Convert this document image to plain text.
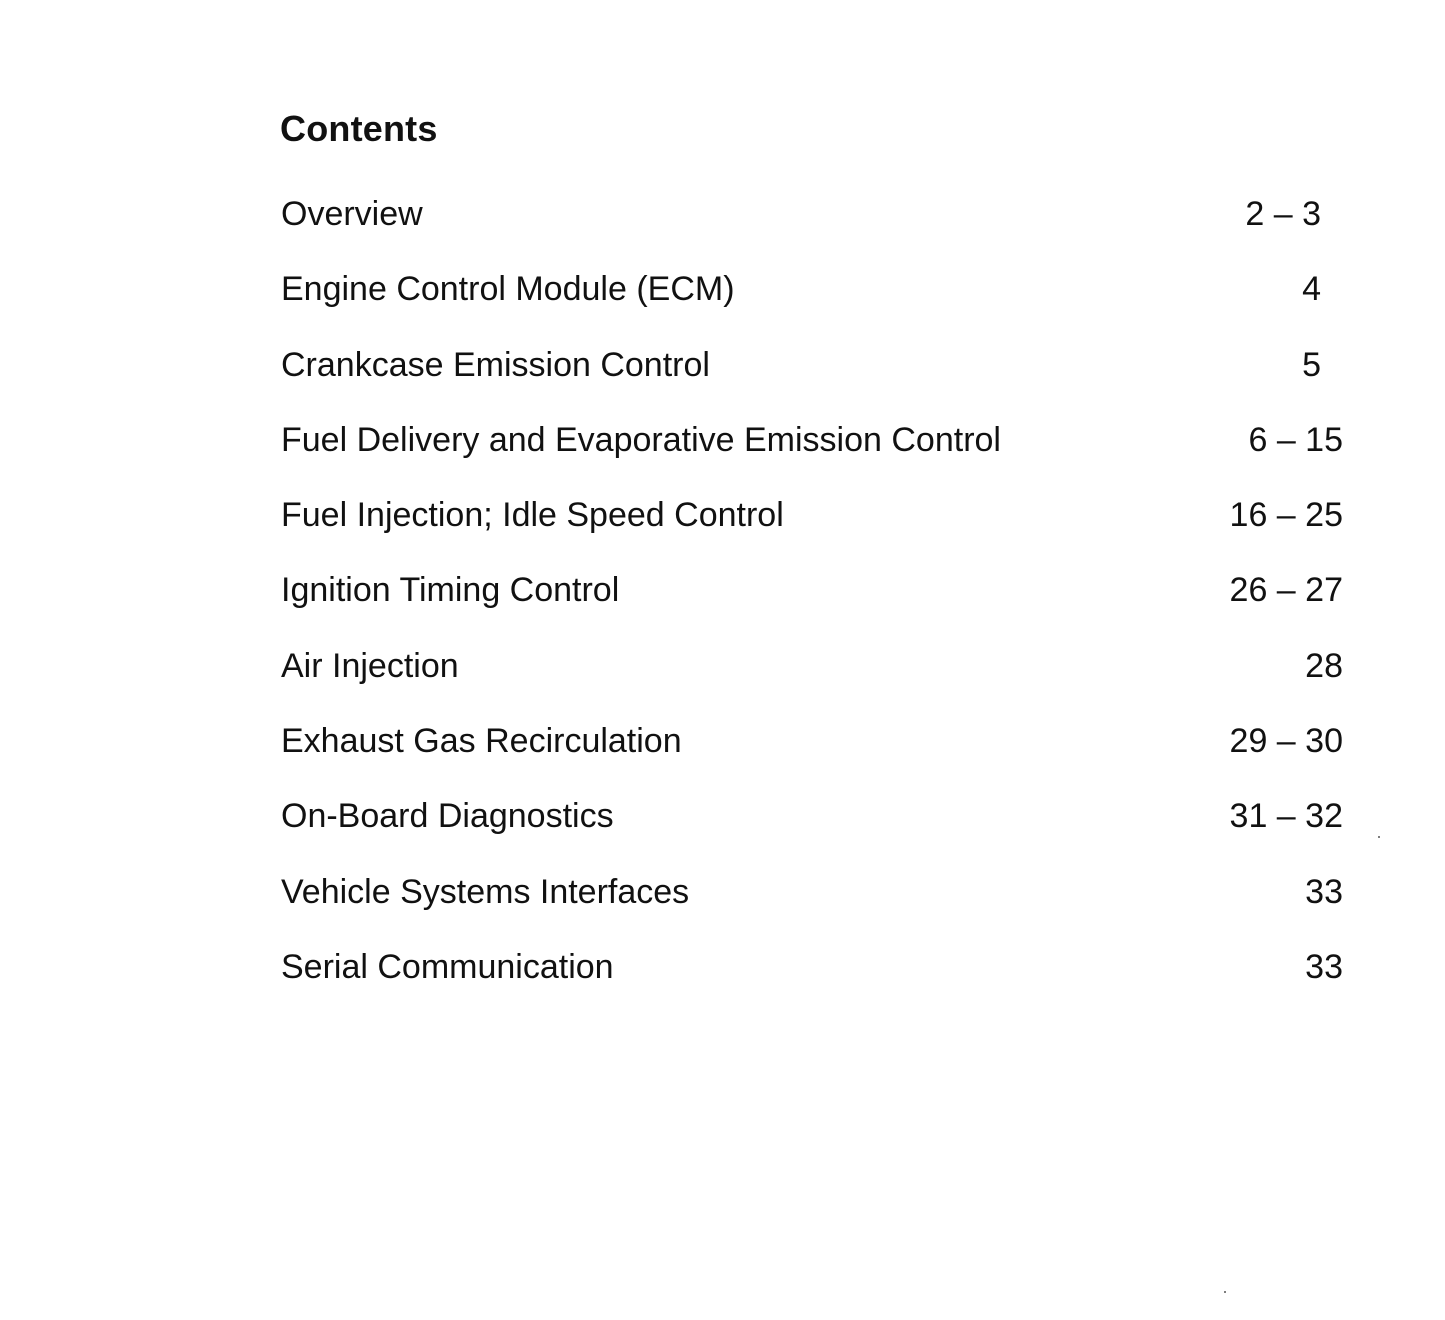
Contents
Overview	2 – 3
Engine Control Module (ECM)	4
Crankcase Emission Control	5
Fuel Delivery and Evaporative Emission Control	6 – 15
Fuel Injection; Idle Speed Control	16 – 25
Ignition Timing Control	26 – 27
Air Injection	28
Exhaust Gas Recirculation	29 – 30
On-Board Diagnostics	31 – 32
Vehicle Systems Interfaces	33
Serial Communication	33
